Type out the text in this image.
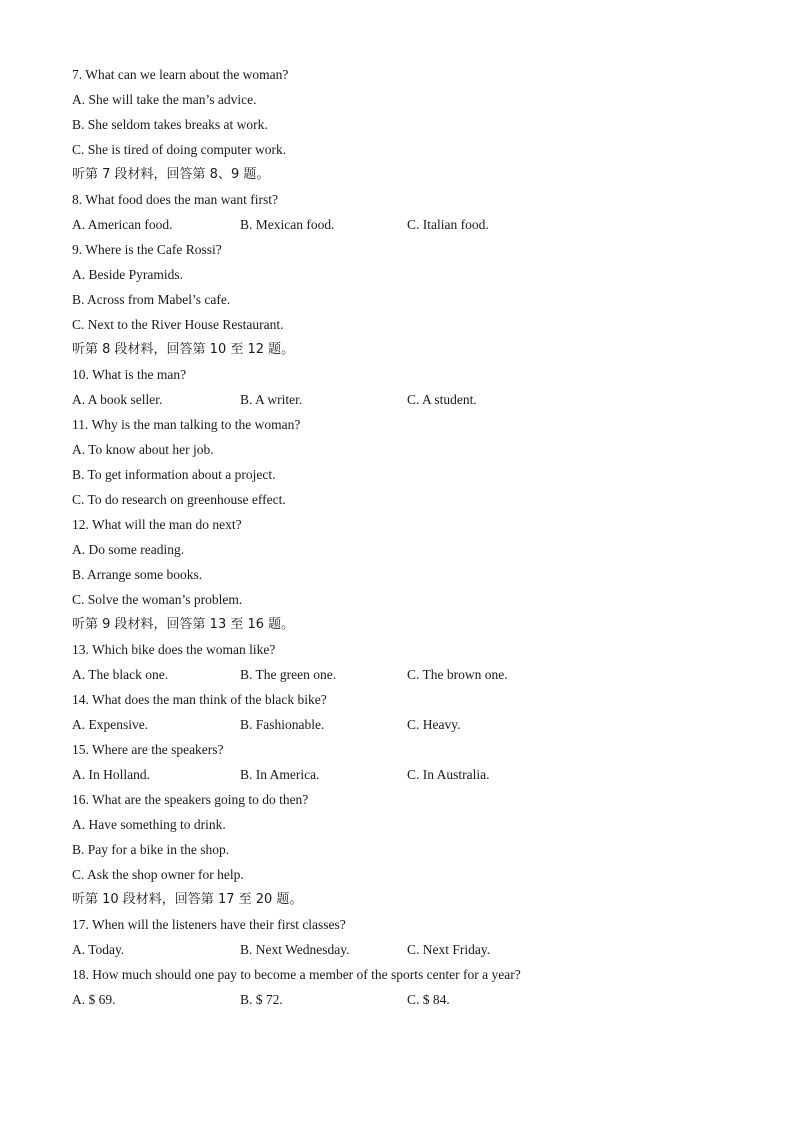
7. What can we learn about the woman?
A. She will take the man’s advice.
B. She seldom takes breaks at work.
C. She is tired of doing computer work.
听第 7 段材料，回答第 8、9 题。
8. What food does the man want first?
A. American food.	B. Mexican food.	C. Italian food.
9. Where is the Cafe Rossi?
A. Beside Pyramids.
B. Across from Mabel’s cafe.
C. Next to the River House Restaurant.
听第 8 段材料，回答第 10 至 12 题。
10. What is the man?
A. A book seller.	B. A writer.	C. A student.
11. Why is the man talking to the woman?
A. To know about her job.
B. To get information about a project.
C. To do research on greenhouse effect.
12. What will the man do next?
A. Do some reading.
B. Arrange some books.
C. Solve the woman’s problem.
听第 9 段材料，回答第 13 至 16 题。
13. Which bike does the woman like?
A. The black one.	B. The green one.	C. The brown one.
14. What does the man think of the black bike?
A. Expensive.	B. Fashionable.	C. Heavy.
15. Where are the speakers?
A. In Holland.	B. In America.	C. In Australia.
16. What are the speakers going to do then?
A. Have something to drink.
B. Pay for a bike in the shop.
C. Ask the shop owner for help.
听第 10 段材料，回答第 17 至 20 题。
17. When will the listeners have their first classes?
A. Today.	B. Next Wednesday.	C. Next Friday.
18. How much should one pay to become a member of the sports center for a year?
A. $ 69.	B. $ 72.	C. $ 84.
